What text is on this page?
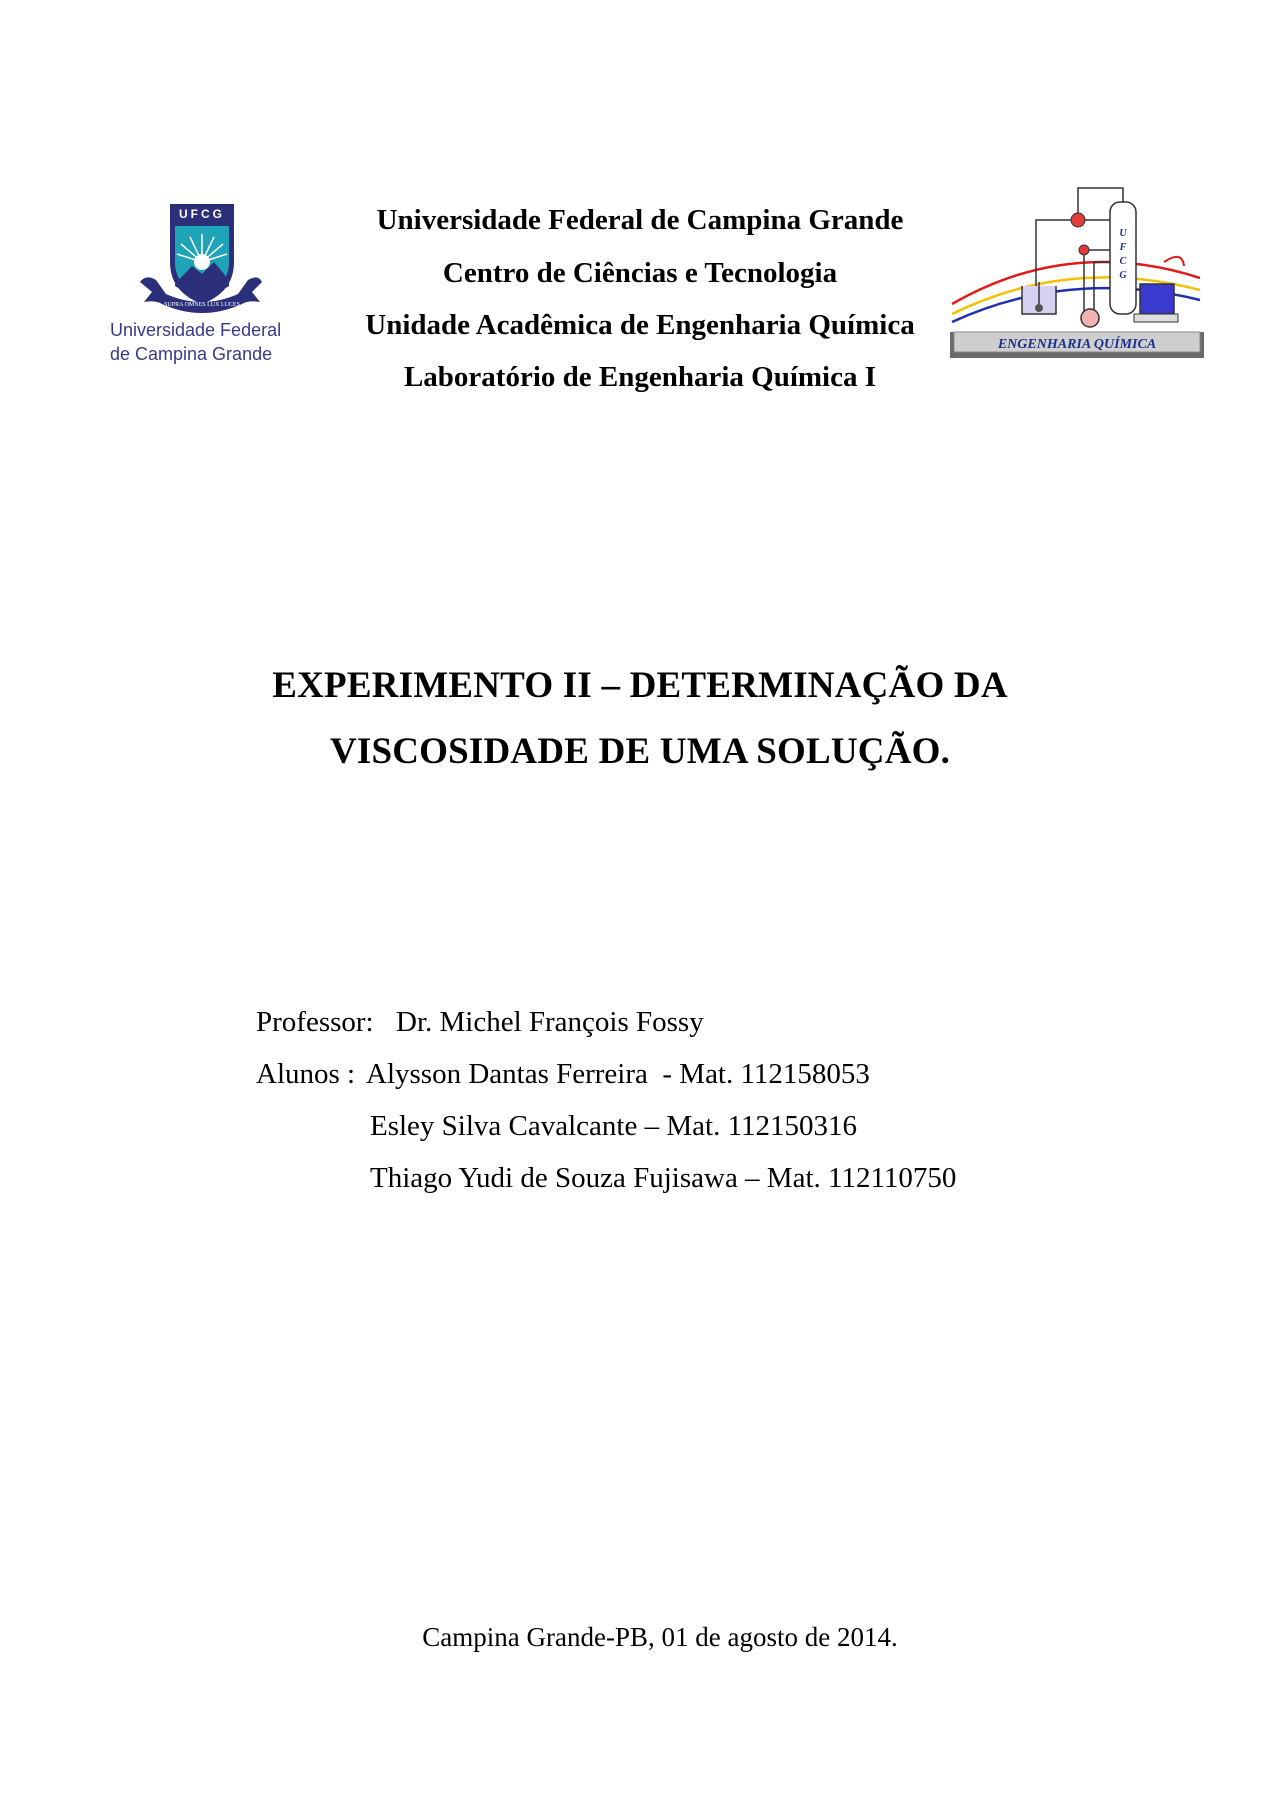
UFCG
SUPRA OMNES LUX LUCES
Universidade Federal
de Campina Grande
Universidade Federal de Campina Grande
Centro de Ciências e Tecnologia
Unidade Acadêmica de Engenharia Química
Laboratório de Engenharia Química I
U
F
C
G
ENGENHARIA QUÍMICA
EXPERIMENTO II – DETERMINAÇÃO DA
VISCOSIDADE DE UMA SOLUÇÃO.
Professor: Dr. Michel François Fossy
Alunos : Alysson Dantas Ferreira  - Mat. 112158053
Esley Silva Cavalcante – Mat. 112150316
Thiago Yudi de Souza Fujisawa – Mat. 112110750
Campina Grande-PB, 01 de agosto de 2014.
